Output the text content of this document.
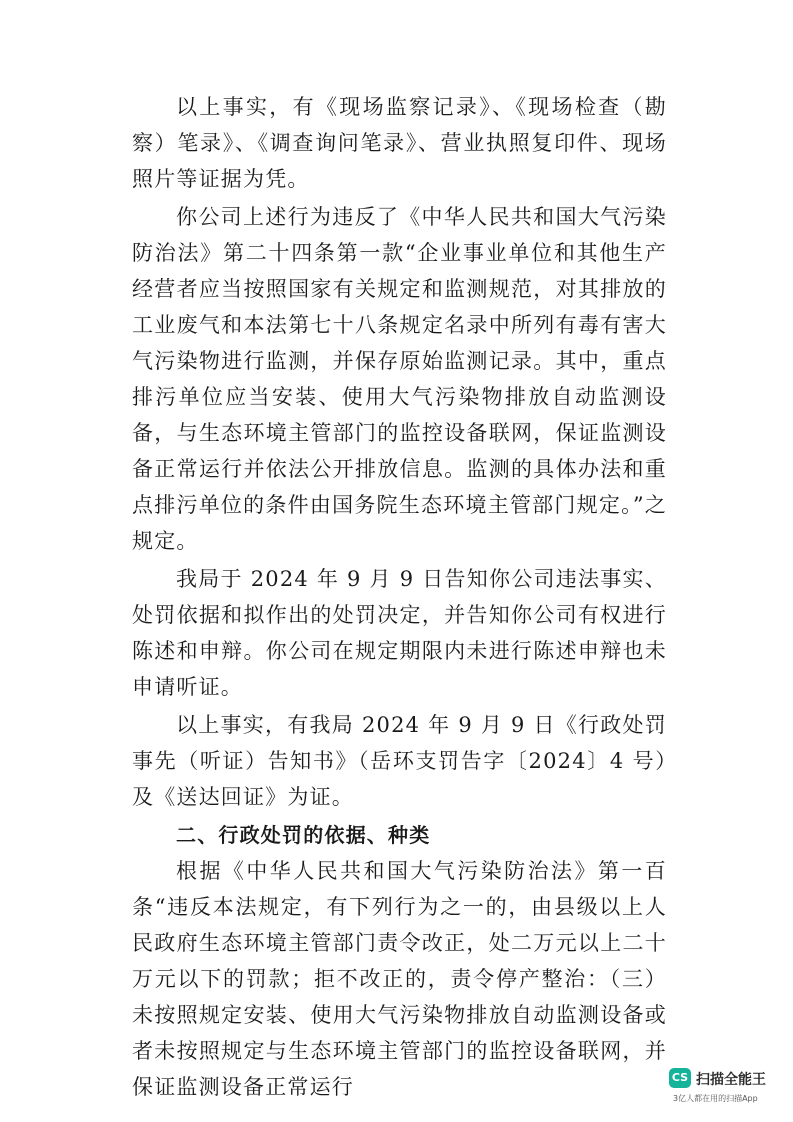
以上事实，有《现场监察记录》、《现场检查（勘察）笔录》、《调查询问笔录》、营业执照复印件、现场照片等证据为凭。

你公司上述行为违反了《中华人民共和国大气污染防治法》第二十四条第一款“企业事业单位和其他生产经营者应当按照国家有关规定和监测规范，对其排放的工业废气和本法第七十八条规定名录中所列有毒有害大气污染物进行监测，并保存原始监测记录。其中，重点排污单位应当安装、使用大气污染物排放自动监测设备，与生态环境主管部门的监控设备联网，保证监测设备正常运行并依法公开排放信息。监测的具体办法和重点排污单位的条件由国务院生态环境主管部门规定。”之规定。

我局于 2024 年 9 月 9 日告知你公司违法事实、处罚依据和拟作出的处罚决定，并告知你公司有权进行陈述和申辩。你公司在规定期限内未进行陈述申辩也未申请听证。

以上事实，有我局 2024 年 9 月 9 日《行政处罚事先（听证）告知书》（岳环支罚告字〔2024〕4 号）及《送达回证》为证。

二、行政处罚的依据、种类

根据《中华人民共和国大气污染防治法》第一百条“违反本法规定，有下列行为之一的，由县级以上人民政府生态环境主管部门责令改正，处二万元以上二十万元以下的罚款；拒不改正的，责令停产整治：（三）未按照规定安装、使用大气污染物排放自动监测设备或者未按照规定与生态环境主管部门的监控设备联网，并保证监测设备正常运行	CS 扫描全能王
3亿人都在用的扫描App
